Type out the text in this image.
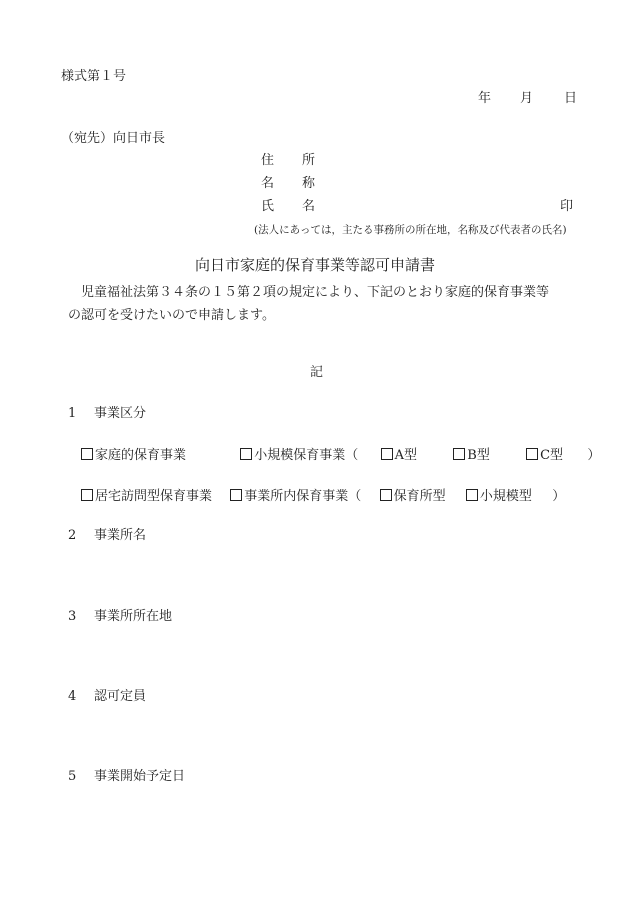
様式第１号
年 月 日
（宛先）向日市長
住 所
名 称
氏 名	印
(法人にあっては，主たる事務所の所在地，名称及び代表者の氏名)
向日市家庭的保育事業等認可申請書
児童福祉法第３４条の１５第２項の規定により、下記のとおり家庭的保育事業等
の認可を受けたいので申請します。
記
1 事業区分
家庭的保育事業	小規模保育事業（	A型	B型	C型 ）
居宅訪問型保育事業 事業所内保育事業（ 保育所型	小規模型 ）
2 事業所名
3 事業所所在地
4 認可定員
5 事業開始予定日
